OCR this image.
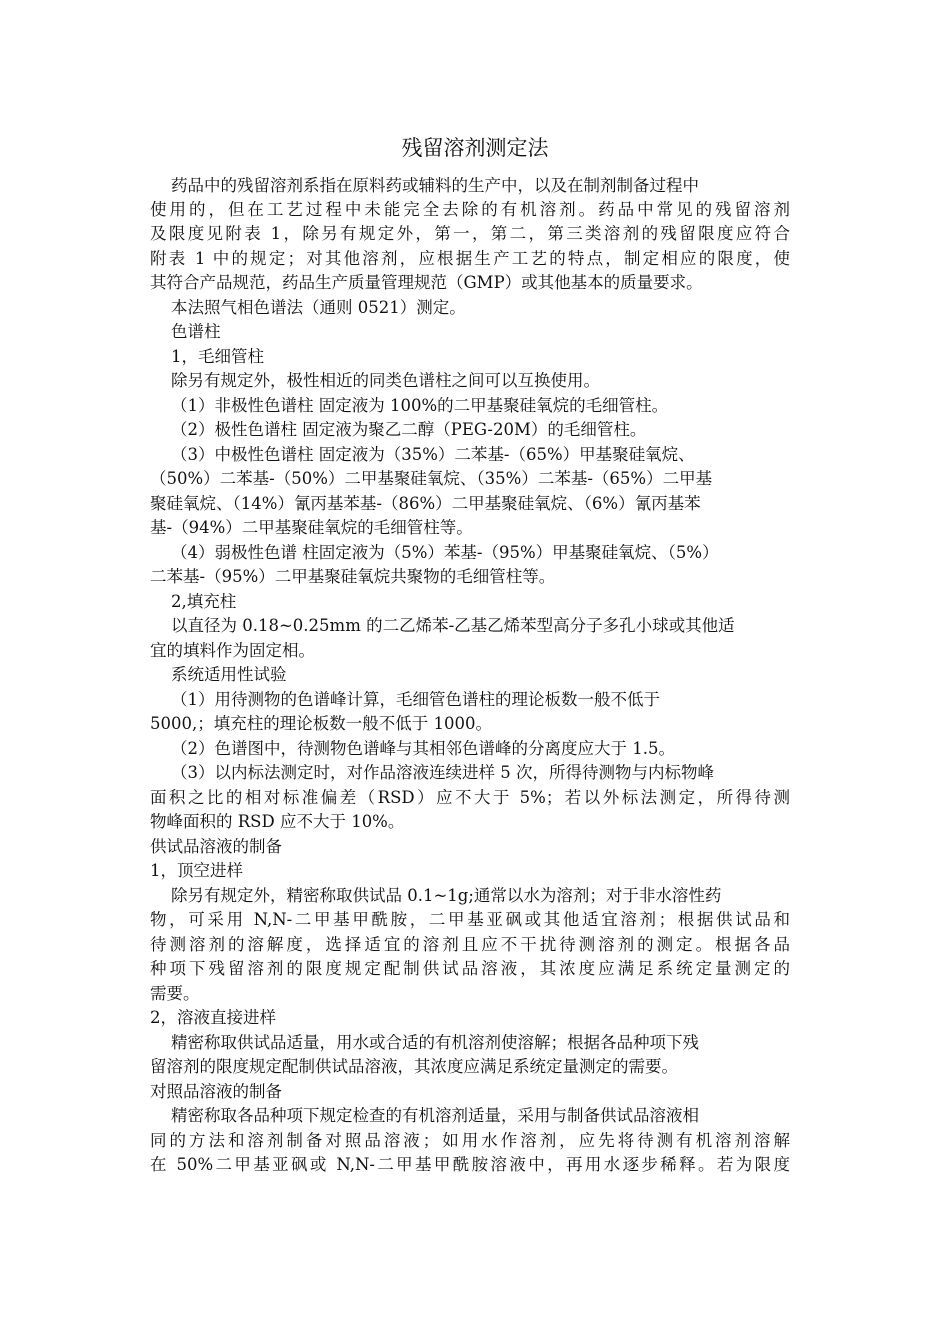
残留溶剂测定法

药品中的残留溶剂系指在原料药或辅料的生产中，以及在制剂制备过程中

使用的，但在工艺过程中未能完全去除的有机溶剂。药品中常见的残留溶剂

及限度见附表 1，除另有规定外，第一，第二，第三类溶剂的残留限度应符合

附表 1 中的规定；对其他溶剂，应根据生产工艺的特点，制定相应的限度，使

其符合产品规范，药品生产质量管理规范（GMP）或其他基本的质量要求。

本法照气相色谱法（通则 0521）测定。

色谱柱

1，毛细管柱

除另有规定外，极性相近的同类色谱柱之间可以互换使用。

（1）非极性色谱柱 固定液为 100%的二甲基聚硅氧烷的毛细管柱。

（2）极性色谱柱 固定液为聚乙二醇（PEG-20M）的毛细管柱。

（3）中极性色谱柱 固定液为（35%）二苯基-（65%）甲基聚硅氧烷、

（50%）二苯基-（50%）二甲基聚硅氧烷、（35%）二苯基-（65%）二甲基

聚硅氧烷、（14%）氰丙基苯基-（86%）二甲基聚硅氧烷、（6%）氰丙基苯

基-（94%）二甲基聚硅氧烷的毛细管柱等。

（4）弱极性色谱 柱固定液为（5%）苯基-（95%）甲基聚硅氧烷、（5%）

二苯基-（95%）二甲基聚硅氧烷共聚物的毛细管柱等。

2,填充柱

以直径为 0.18~0.25mm 的二乙烯苯-乙基乙烯苯型高分子多孔小球或其他适

宜的填料作为固定相。

系统适用性试验

（1）用待测物的色谱峰计算，毛细管色谱柱的理论板数一般不低于

5000,；填充柱的理论板数一般不低于 1000。

（2）色谱图中，待测物色谱峰与其相邻色谱峰的分离度应大于 1.5。

（3）以内标法测定时，对作品溶液连续进样 5 次，所得待测物与内标物峰

面积之比的相对标准偏差（RSD）应不大于 5%；若以外标法测定，所得待测

物峰面积的 RSD 应不大于 10%。

供试品溶液的制备

1，顶空进样

除另有规定外，精密称取供试品 0.1~1g;通常以水为溶剂；对于非水溶性药

物，可采用 N,N-二甲基甲酰胺，二甲基亚砜或其他适宜溶剂；根据供试品和

待测溶剂的溶解度，选择适宜的溶剂且应不干扰待测溶剂的测定。根据各品

种项下残留溶剂的限度规定配制供试品溶液，其浓度应满足系统定量测定的

需要。

2，溶液直接进样

精密称取供试品适量，用水或合适的有机溶剂使溶解；根据各品种项下残

留溶剂的限度规定配制供试品溶液，其浓度应满足系统定量测定的需要。

对照品溶液的制备

精密称取各品种项下规定检查的有机溶剂适量，采用与制备供试品溶液相

同的方法和溶剂制备对照品溶液；如用水作溶剂，应先将待测有机溶剂溶解

在 50%二甲基亚砜或 N,N-二甲基甲酰胺溶液中，再用水逐步稀释。若为限度
